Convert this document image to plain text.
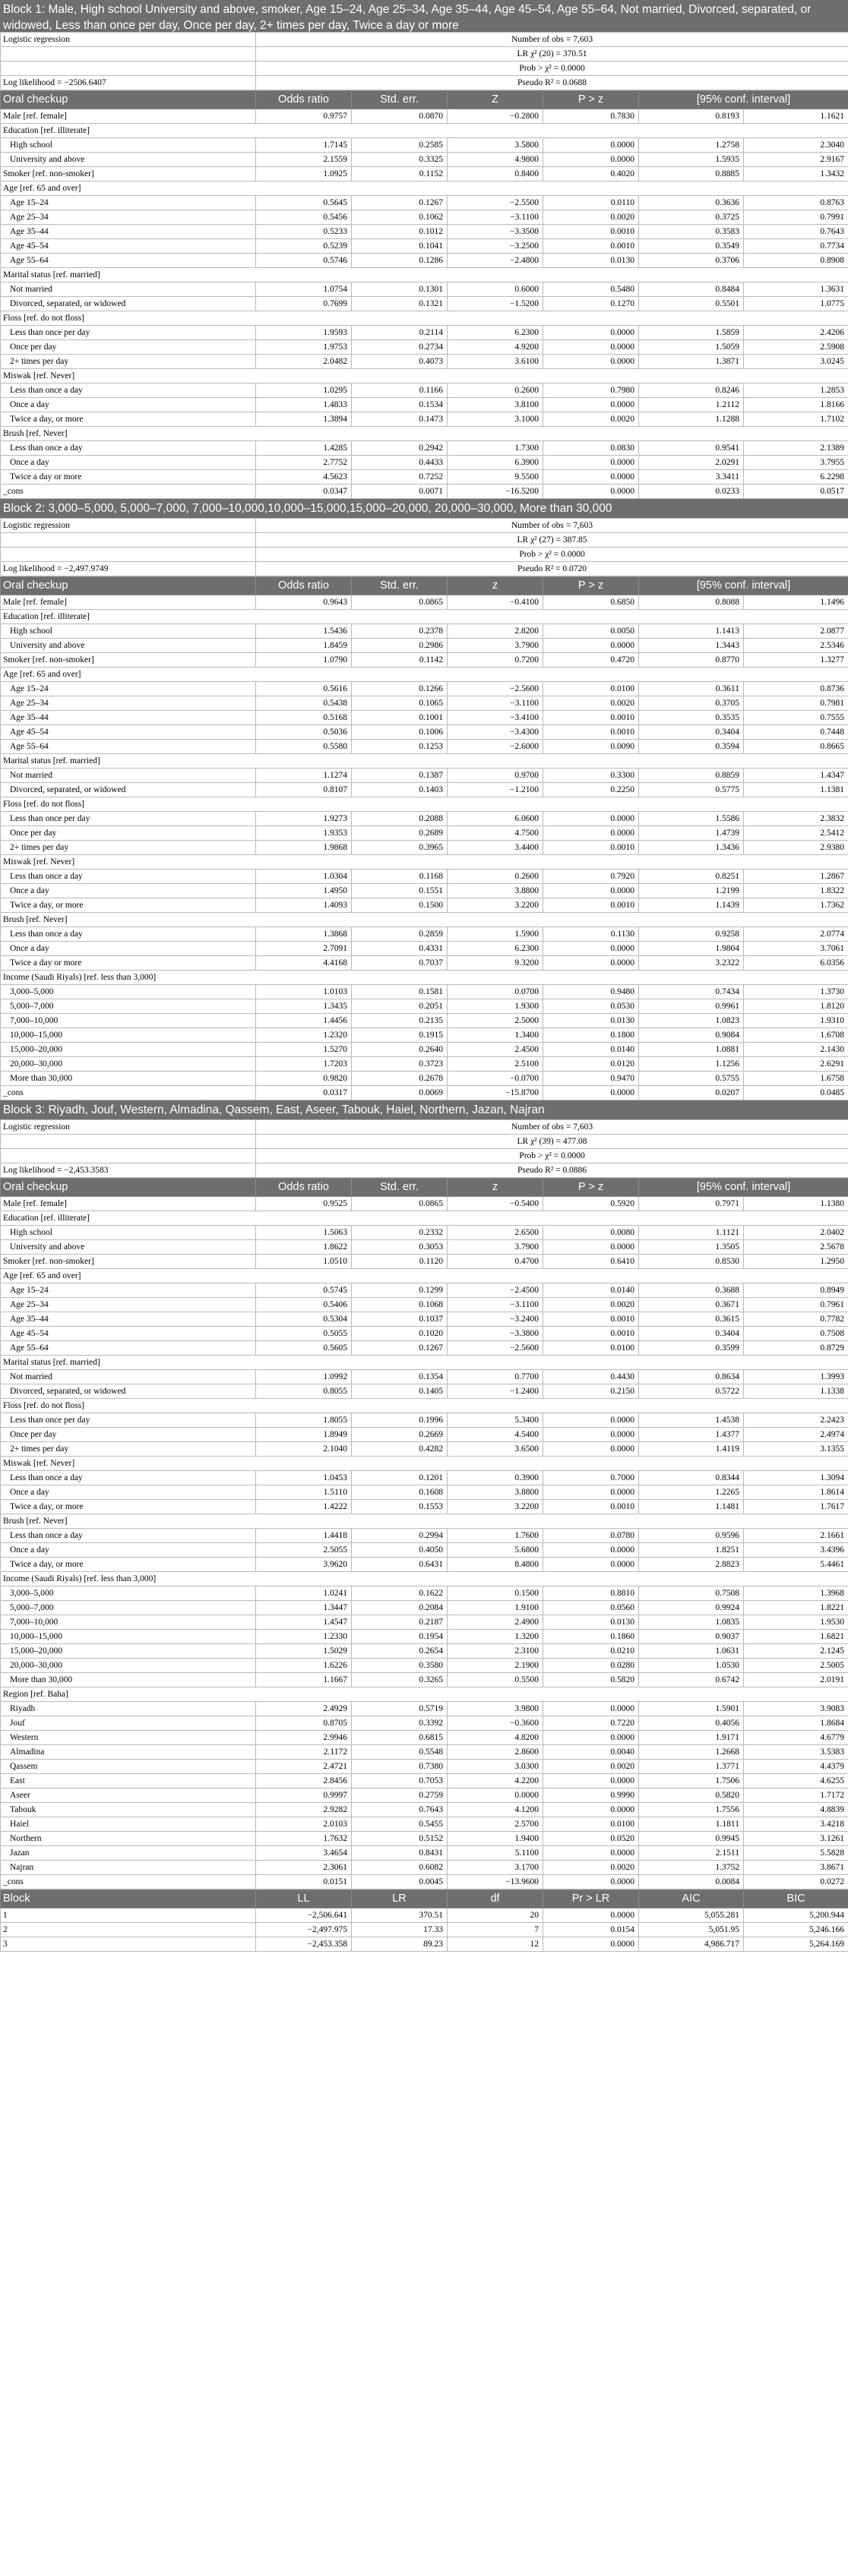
Block 1: Male, High school University and above, smoker, Age 15–24, Age 25–34, Age 35–44, Age 45–54, Age 55–64, Not married, Divorced, separated, or widowed, Less than once per day, Once per day, 2+ times per day, Twice a day or more
Logistic regression	Number of obs = 7,603
	LR χ² (20) = 370.51
	Prob > χ² = 0.0000
Log likelihood = −2506.6407	Pseudo R² = 0.0688
Oral checkup	Odds ratio	Std. err.	Z	P > z	[95% conf. interval]	
Male [ref. female]	0.9757	0.0870	−0.2800	0.7830	0.8193	1.1621
Education [ref. illiterate]						
High school	1.7145	0.2585	3.5800	0.0000	1.2758	2.3040
University and above	2.1559	0.3325	4.9800	0.0000	1.5935	2.9167
Smoker [ref. non-smoker]	1.0925	0.1152	0.8400	0.4020	0.8885	1.3432
Age [ref. 65 and over]						
Age 15–24	0.5645	0.1267	−2.5500	0.0110	0.3636	0.8763
Age 25–34	0.5456	0.1062	−3.1100	0.0020	0.3725	0.7991
Age 35–44	0.5233	0.1012	−3.3500	0.0010	0.3583	0.7643
Age 45–54	0.5239	0.1041	−3.2500	0.0010	0.3549	0.7734
Age 55–64	0.5746	0.1286	−2.4800	0.0130	0.3706	0.8908
Marital status [ref. married]						
Not married	1.0754	0.1301	0.6000	0.5480	0.8484	1.3631
Divorced, separated, or widowed	0.7699	0.1321	−1.5200	0.1270	0.5501	1.0775
Floss [ref. do not floss]						
Less than once per day	1.9593	0.2114	6.2300	0.0000	1.5859	2.4206
Once per day	1.9753	0.2734	4.9200	0.0000	1.5059	2.5908
2+ times per day	2.0482	0.4073	3.6100	0.0000	1.3871	3.0245
Miswak [ref. Never]						
Less than once a day	1.0295	0.1166	0.2600	0.7980	0.8246	1.2853
Once a day	1.4833	0.1534	3.8100	0.0000	1.2112	1.8166
Twice a day, or more	1.3894	0.1473	3.1000	0.0020	1.1288	1.7102
Brush [ref. Never]						
Less than once a day	1.4285	0.2942	1.7300	0.0830	0.9541	2.1389
Once a day	2.7752	0.4433	6.3900	0.0000	2.0291	3.7955
Twice a day or more	4.5623	0.7252	9.5500	0.0000	3.3411	6.2298
_cons	0.0347	0.0071	−16.5200	0.0000	0.0233	0.0517
Block 2: 3,000–5,000, 5,000–7,000, 7,000–10,000,10,000–15,000,15,000–20,000, 20,000–30,000, More than 30,000
Logistic regression	Number of obs = 7,603
	LR χ² (27) = 387.85
	Prob > χ² = 0.0000
Log likelihood = −2,497.9749	Pseudo R² = 0.0720
Oral checkup	Odds ratio	Std. err.	z	P > z	[95% conf. interval]	
Male [ref. female]	0.9643	0.0865	−0.4100	0.6850	0.8088	1.1496
Education [ref. illiterate]						
High school	1.5436	0.2378	2.8200	0.0050	1.1413	2.0877
University and above	1.8459	0.2986	3.7900	0.0000	1.3443	2.5346
Smoker [ref. non-smoker]	1.0790	0.1142	0.7200	0.4720	0.8770	1.3277
Age [ref. 65 and over]						
Age 15–24	0.5616	0.1266	−2.5600	0.0100	0.3611	0.8736
Age 25–34	0.5438	0.1065	−3.1100	0.0020	0.3705	0.7981
Age 35–44	0.5168	0.1001	−3.4100	0.0010	0.3535	0.7555
Age 45–54	0.5036	0.1006	−3.4300	0.0010	0.3404	0.7448
Age 55–64	0.5580	0.1253	−2.6000	0.0090	0.3594	0.8665
Marital status [ref. married]						
Not married	1.1274	0.1387	0.9700	0.3300	0.8859	1.4347
Divorced, separated, or widowed	0.8107	0.1403	−1.2100	0.2250	0.5775	1.1381
Floss [ref. do not floss]						
Less than once per day	1.9273	0.2088	6.0600	0.0000	1.5586	2.3832
Once per day	1.9353	0.2689	4.7500	0.0000	1.4739	2.5412
2+ times per day	1.9868	0.3965	3.4400	0.0010	1.3436	2.9380
Miswak [ref. Never]						
Less than once a day	1.0304	0.1168	0.2600	0.7920	0.8251	1.2867
Once a day	1.4950	0.1551	3.8800	0.0000	1.2199	1.8322
Twice a day, or more	1.4093	0.1500	3.2200	0.0010	1.1439	1.7362
Brush [ref. Never]						
Less than once a day	1.3868	0.2859	1.5900	0.1130	0.9258	2.0774
Once a day	2.7091	0.4331	6.2300	0.0000	1.9804	3.7061
Twice a day or more	4.4168	0.7037	9.3200	0.0000	3.2322	6.0356
Income (Saudi Riyals) [ref. less than 3,000]						
3,000–5,000	1.0103	0.1581	0.0700	0.9480	0.7434	1.3730
5,000–7,000	1.3435	0.2051	1.9300	0.0530	0.9961	1.8120
7,000–10,000	1.4456	0.2135	2.5000	0.0130	1.0823	1.9310
10,000–15,000	1.2320	0.1915	1.3400	0.1800	0.9084	1.6708
15,000–20,000	1.5270	0.2640	2.4500	0.0140	1.0881	2.1430
20,000–30,000	1.7203	0.3723	2.5100	0.0120	1.1256	2.6291
More than 30,000	0.9820	0.2678	−0.0700	0.9470	0.5755	1.6758
_cons	0.0317	0.0069	−15.8700	0.0000	0.0207	0.0485
Block 3: Riyadh, Jouf, Western, Almadina, Qassem, East, Aseer, Tabouk, Haiel, Northern, Jazan, Najran
Logistic regression	Number of obs = 7,603
	LR χ² (39) = 477.08
	Prob > χ² = 0.0000
Log likelihood = −2,453.3583	Pseudo R² = 0.0886
Oral checkup	Odds ratio	Std. err.	z	P > z	[95% conf. interval]	
Male [ref. female]	0.9525	0.0865	−0.5400	0.5920	0.7971	1.1380
Education [ref. illiterate]						
High school	1.5063	0.2332	2.6500	0.0080	1.1121	2.0402
University and above	1.8622	0.3053	3.7900	0.0000	1.3505	2.5678
Smoker [ref. non-smoker]	1.0510	0.1120	0.4700	0.6410	0.8530	1.2950
Age [ref. 65 and over]						
Age 15–24	0.5745	0.1299	−2.4500	0.0140	0.3688	0.8949
Age 25–34	0.5406	0.1068	−3.1100	0.0020	0.3671	0.7961
Age 35–44	0.5304	0.1037	−3.2400	0.0010	0.3615	0.7782
Age 45–54	0.5055	0.1020	−3.3800	0.0010	0.3404	0.7508
Age 55–64	0.5605	0.1267	−2.5600	0.0100	0.3599	0.8729
Marital status [ref. married]						
Not married	1.0992	0.1354	0.7700	0.4430	0.8634	1.3993
Divorced, separated, or widowed	0.8055	0.1405	−1.2400	0.2150	0.5722	1.1338
Floss [ref. do not floss]						
Less than once per day	1.8055	0.1996	5.3400	0.0000	1.4538	2.2423
Once per day	1.8949	0.2669	4.5400	0.0000	1.4377	2.4974
2+ times per day	2.1040	0.4282	3.6500	0.0000	1.4119	3.1355
Miswak [ref. Never]						
Less than once a day	1.0453	0.1201	0.3900	0.7000	0.8344	1.3094
Once a day	1.5110	0.1608	3.8800	0.0000	1.2265	1.8614
Twice a day, or more	1.4222	0.1553	3.2200	0.0010	1.1481	1.7617
Brush [ref. Never]						
Less than once a day	1.4418	0.2994	1.7600	0.0780	0.9596	2.1661
Once a day	2.5055	0.4050	5.6800	0.0000	1.8251	3.4396
Twice a day, or more	3.9620	0.6431	8.4800	0.0000	2.8823	5.4461
Income (Saudi Riyals) [ref. less than 3,000]						
3,000–5,000	1.0241	0.1622	0.1500	0.8810	0.7508	1.3968
5,000–7,000	1.3447	0.2084	1.9100	0.0560	0.9924	1.8221
7,000–10,000	1.4547	0.2187	2.4900	0.0130	1.0835	1.9530
10,000–15,000	1.2330	0.1954	1.3200	0.1860	0.9037	1.6821
15,000–20,000	1.5029	0.2654	2.3100	0.0210	1.0631	2.1245
20,000–30,000	1.6226	0.3580	2.1900	0.0280	1.0530	2.5005
More than 30,000	1.1667	0.3265	0.5500	0.5820	0.6742	2.0191
Region [ref. Baha]						
Riyadh	2.4929	0.5719	3.9800	0.0000	1.5901	3.9083
Jouf	0.8705	0.3392	−0.3600	0.7220	0.4056	1.8684
Western	2.9946	0.6815	4.8200	0.0000	1.9171	4.6779
Almadina	2.1172	0.5548	2.8600	0.0040	1.2668	3.5383
Qassem	2.4721	0.7380	3.0300	0.0020	1.3771	4.4379
East	2.8456	0.7053	4.2200	0.0000	1.7506	4.6255
Aseer	0.9997	0.2759	0.0000	0.9990	0.5820	1.7172
Tabouk	2.9282	0.7643	4.1200	0.0000	1.7556	4.8839
Haiel	2.0103	0.5455	2.5700	0.0100	1.1811	3.4218
Northern	1.7632	0.5152	1.9400	0.0520	0.9945	3.1261
Jazan	3.4654	0.8431	5.1100	0.0000	2.1511	5.5828
Najran	2.3061	0.6082	3.1700	0.0020	1.3752	3.8671
_cons	0.0151	0.0045	−13.9600	0.0000	0.0084	0.0272
Block	LL	LR	df	Pr > LR	AIC	BIC
1	−2,506.641	370.51	20	0.0000	5,055.281	5,200.944
2	−2,497.975	17.33	7	0.0154	5,051.95	5,246.166
3	−2,453.358	89.23	12	0.0000	4,986.717	5,264.169
